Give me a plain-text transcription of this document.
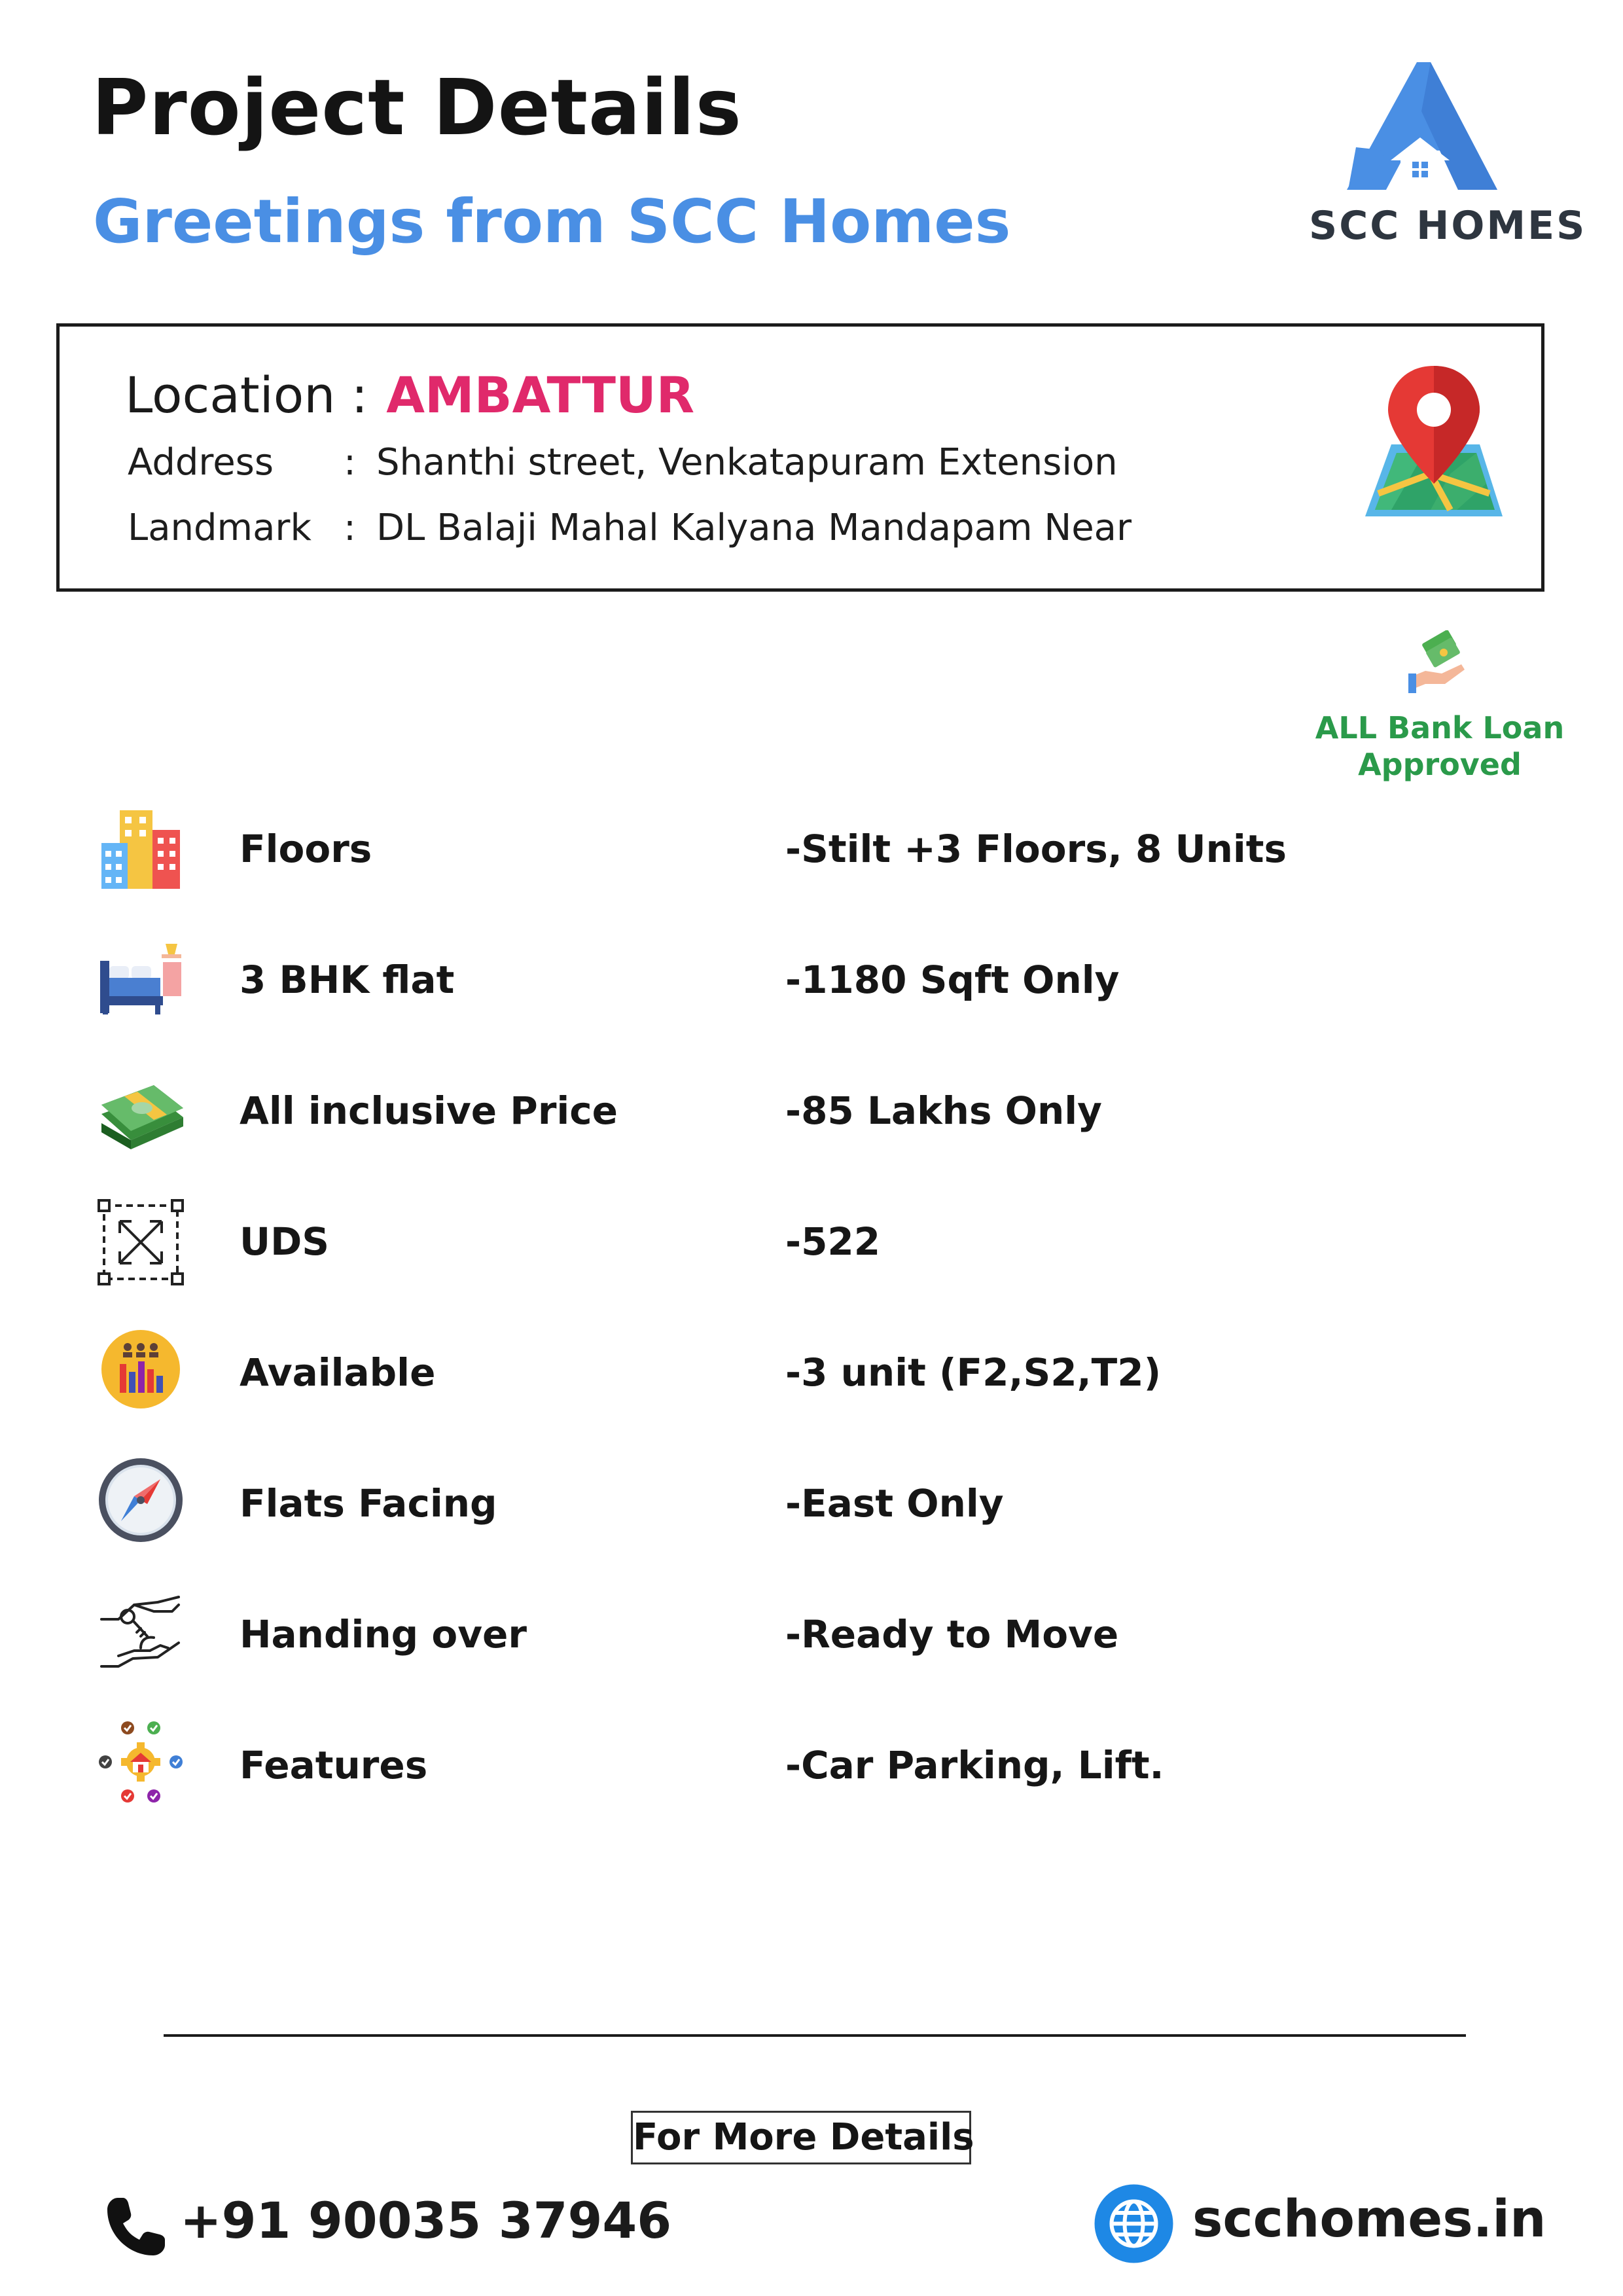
Project Details
Greetings from SCC Homes	SCC HOMES
Location : AMBATTUR
Address : Shanthi street, Venkatapuram Extension
Landmark : DL Balaji Mahal Kalyana Mandapam Near
ALL Bank Loan
Approved
Floors	-Stilt +3 Floors, 8 Units
3 BHK flat	-1180 Sqft Only
All inclusive Price	-85 Lakhs Only
UDS	-522
Available	-3 unit (F2,S2,T2)
Flats Facing	-East Only
Handing over	-Ready to Move
Features	-Car Parking, Lift.
For More Details
+91 90035 37946	scchomes.in
